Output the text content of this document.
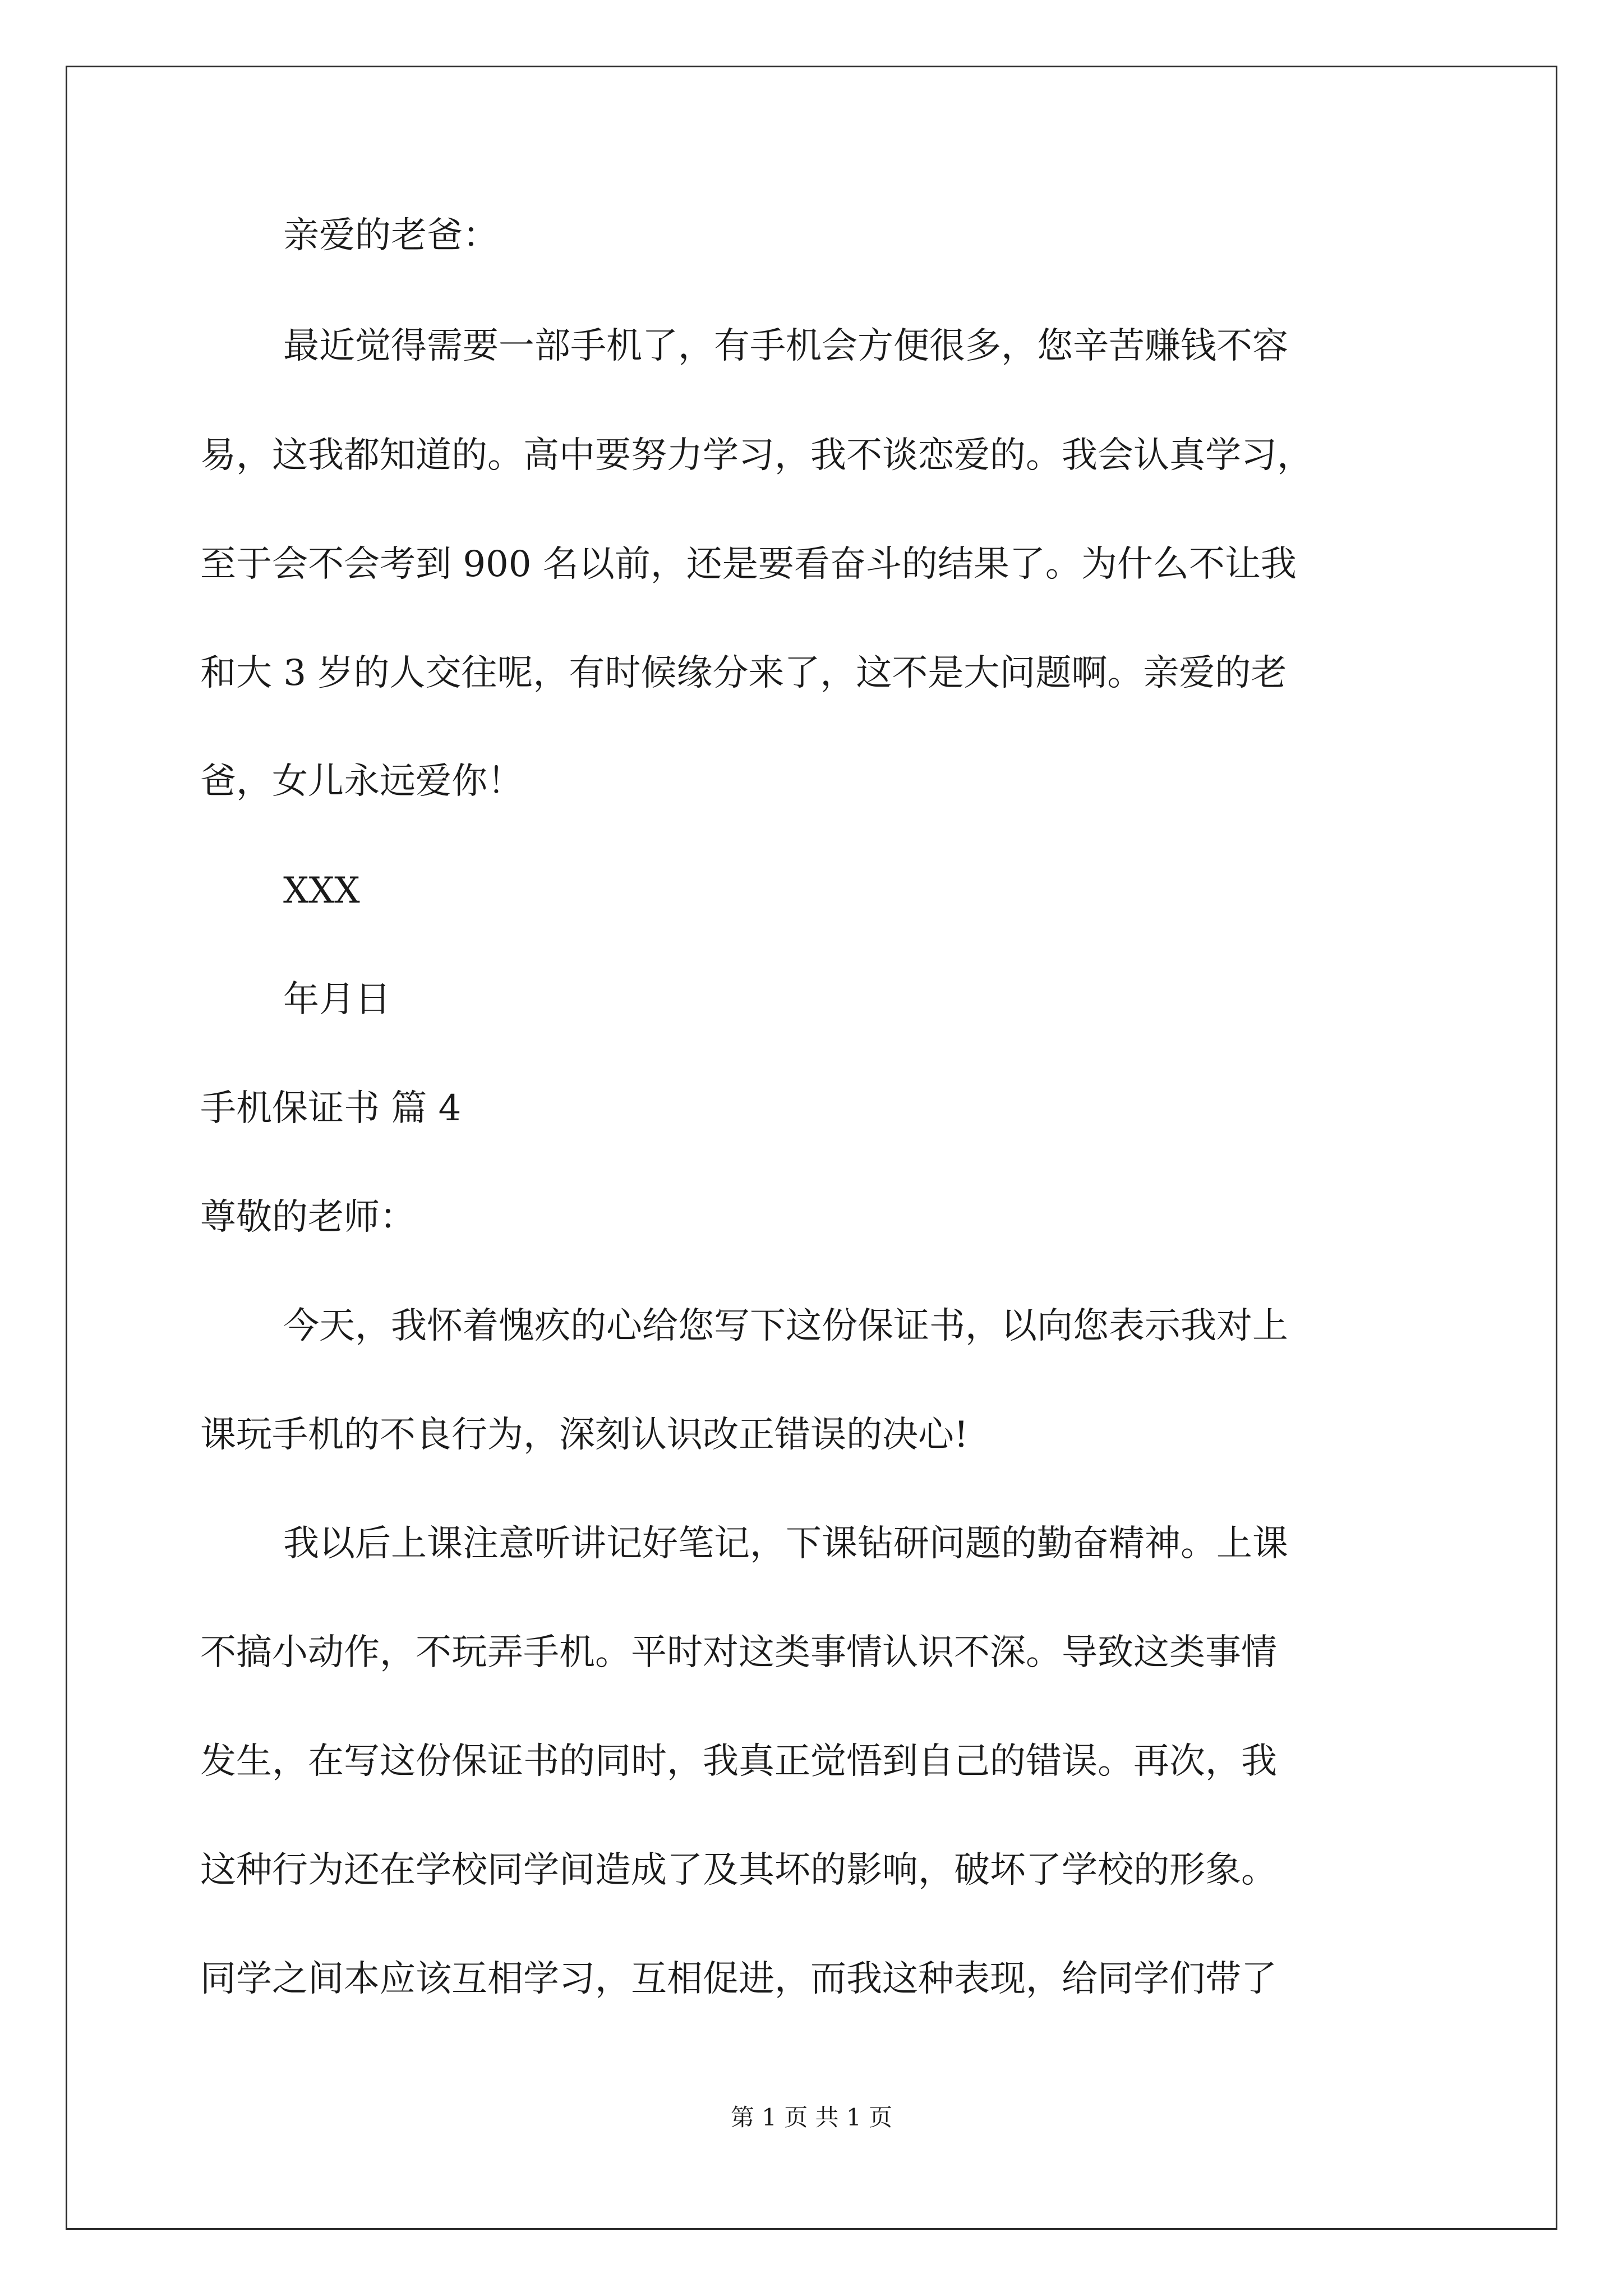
亲爱的老爸：
最近觉得需要一部手机了，有手机会方便很多，您辛苦赚钱不容
易，这我都知道的。高中要努力学习，我不谈恋爱的。我会认真学习，
至于会不会考到 900 名以前，还是要看奋斗的结果了。为什么不让我
和大 3 岁的人交往呢，有时候缘分来了，这不是大问题啊。亲爱的老
爸，女儿永远爱你！
XXX
年月日
手机保证书 篇 4
尊敬的老师：
今天，我怀着愧疚的心给您写下这份保证书，以向您表示我对上
课玩手机的不良行为，深刻认识改正错误的决心!
我以后上课注意听讲记好笔记，下课钻研问题的勤奋精神。上课
不搞小动作，不玩弄手机。平时对这类事情认识不深。导致这类事情
发生，在写这份保证书的同时，我真正觉悟到自己的错误。再次，我
这种行为还在学校同学间造成了及其坏的影响，破坏了学校的形象。
同学之间本应该互相学习，互相促进，而我这种表现，给同学们带了
第 1 页 共 1 页
